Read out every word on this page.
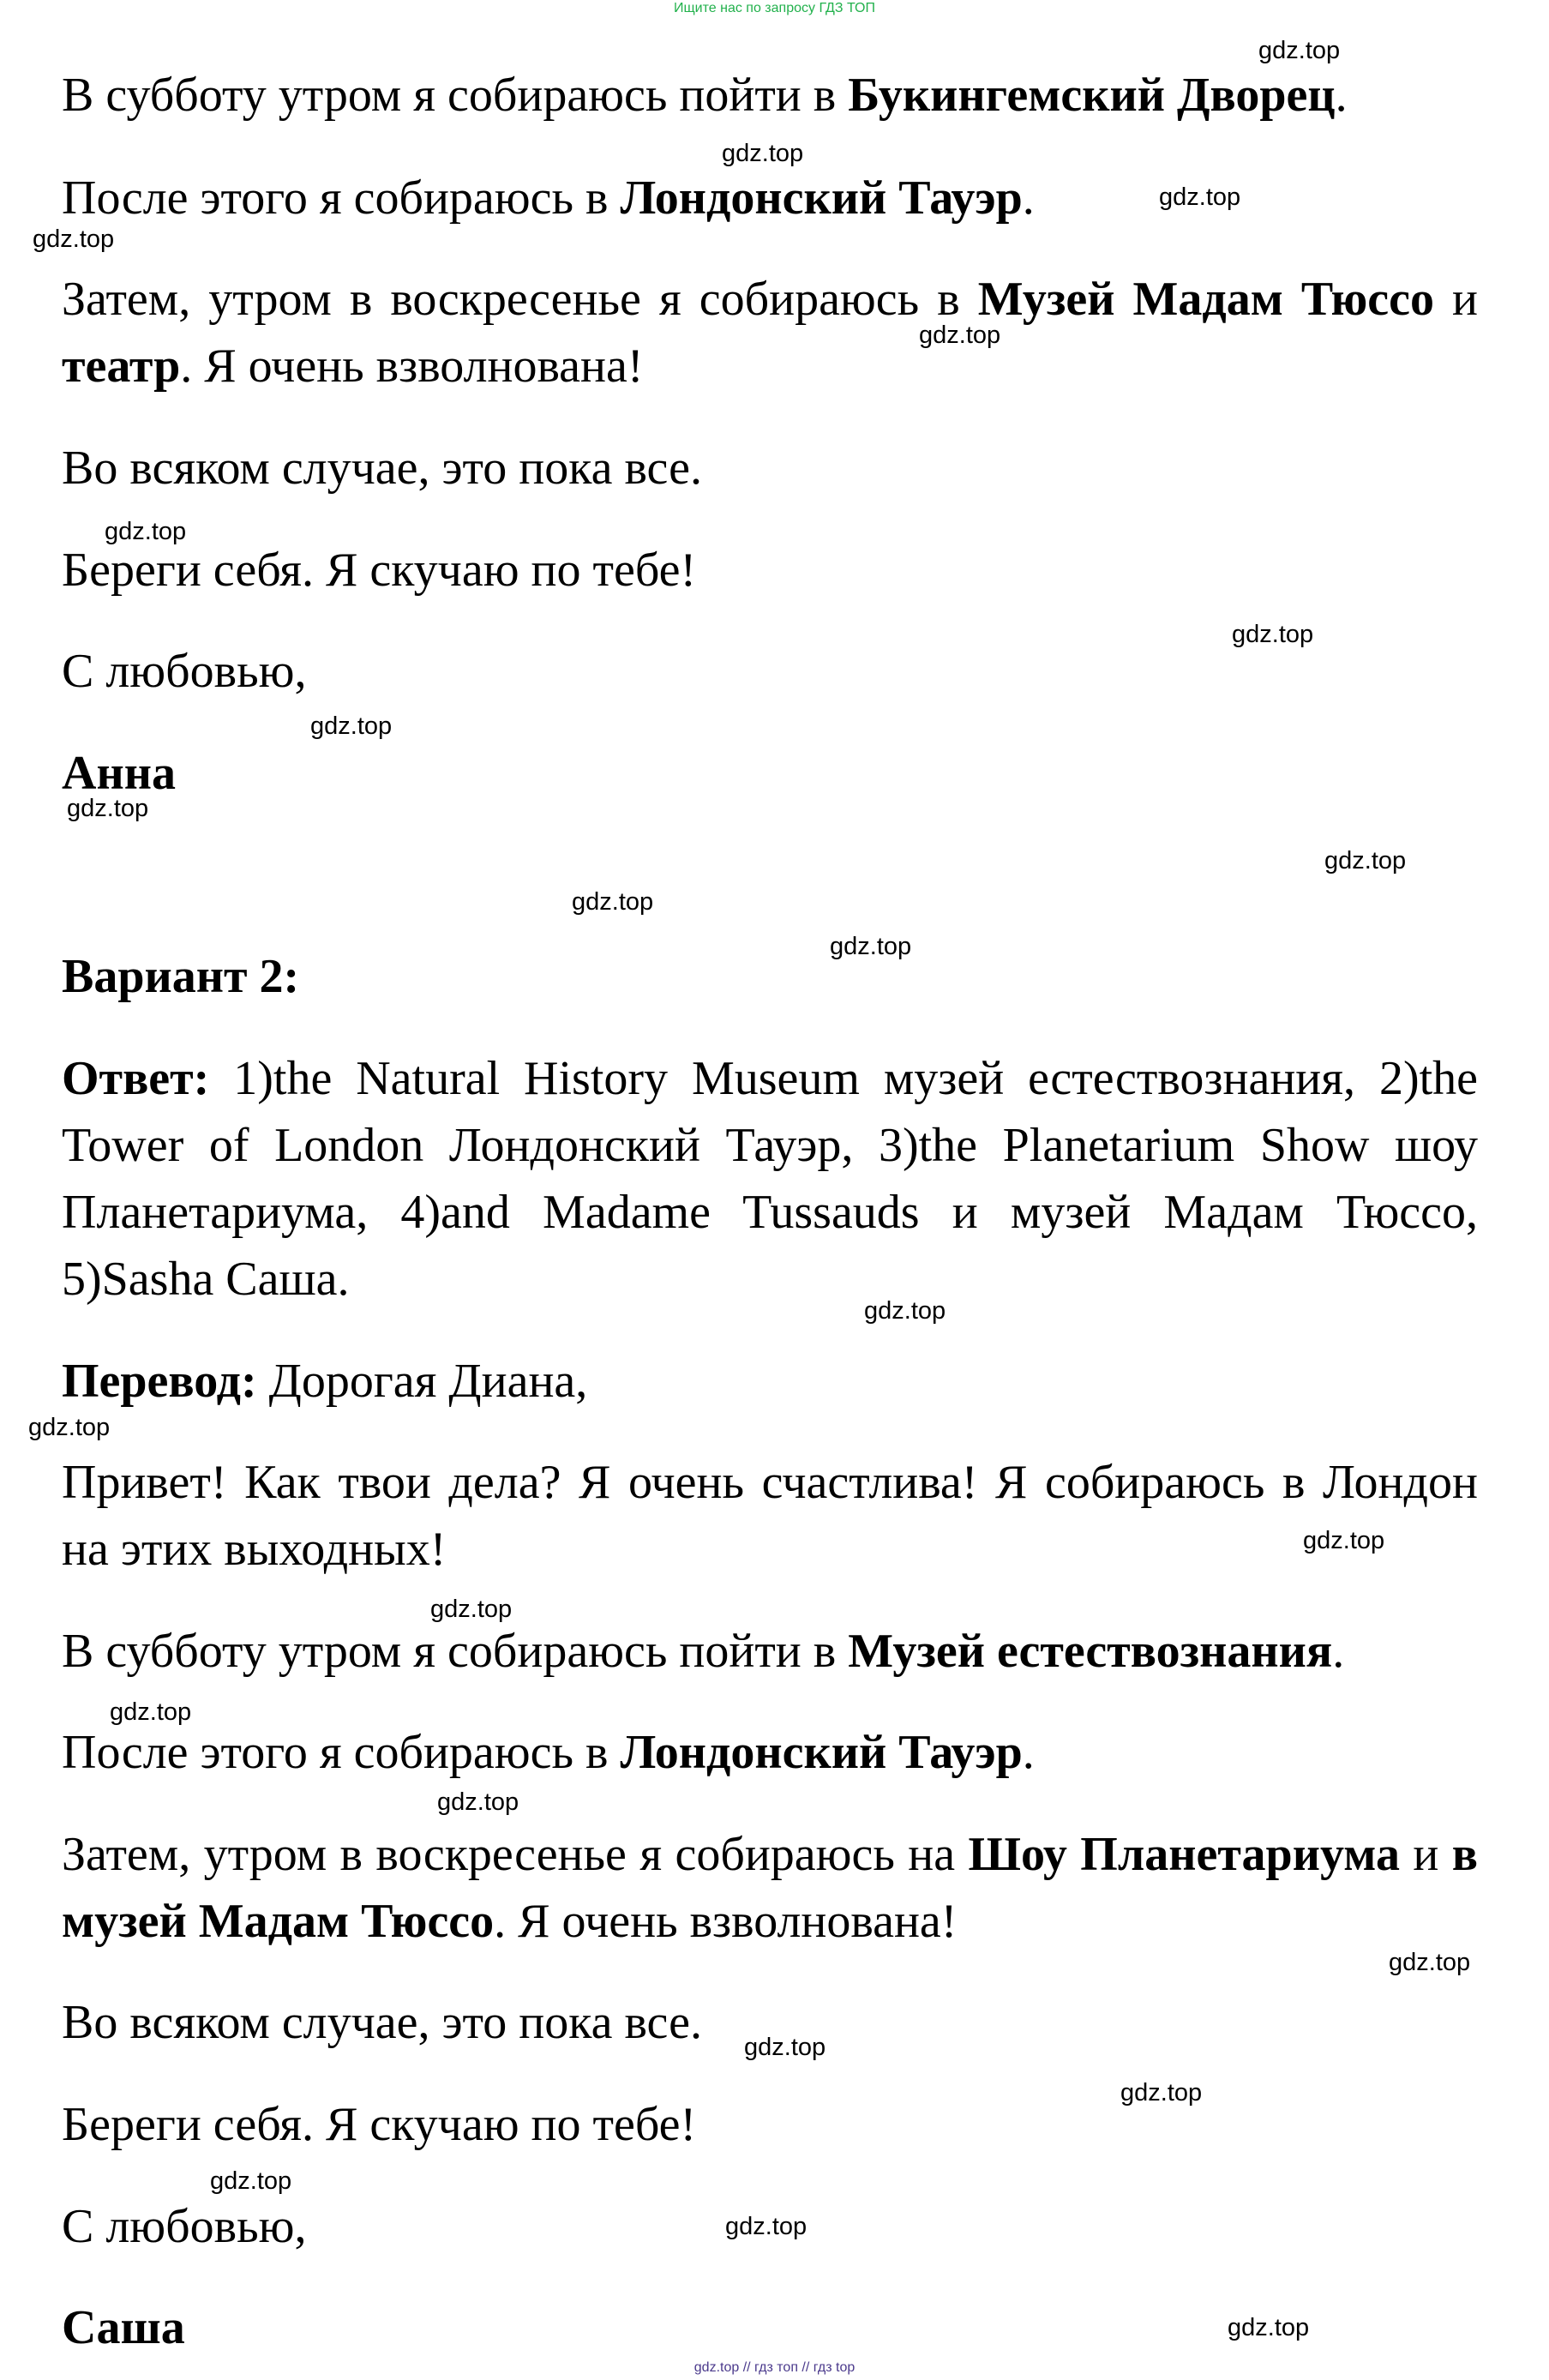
Ищите нас по запросу ГДЗ ТОП

В субботу утром я собираюсь пойти в Букингемский Дворец.

После этого я собираюсь в Лондонский Тауэр.

Затем, утром в воскресенье я собираюсь в Музей Мадам Тюссо и театр. Я очень взволнована!

Во всяком случае, это пока все.

Береги себя. Я скучаю по тебе!

С любовью,

Анна

Вариант 2:

Ответ: 1)the Natural History Museum музей естествознания, 2)the Tower of London Лондонский Тауэр, 3)the Planetarium Show шоу Планетариума, 4)and Madame Tussauds и музей Мадам Тюссо, 5)Sasha Саша.

Перевод: Дорогая Диана,

Привет! Как твои дела? Я очень счастлива! Я собираюсь в Лондон на этих выходных!

В субботу утром я собираюсь пойти в Музей естествознания.

После этого я собираюсь в Лондонский Тауэр.

Затем, утром в воскресенье я собираюсь на Шоу Планетариума и в музей Мадам Тюссо. Я очень взволнована!

Во всяком случае, это пока все.

Береги себя. Я скучаю по тебе!

С любовью,

Саша

gdz.top
gdz.top
gdz.top
gdz.top
gdz.top
gdz.top
gdz.top
gdz.top
gdz.top
gdz.top
gdz.top
gdz.top
gdz.top
gdz.top
gdz.top
gdz.top
gdz.top
gdz.top
gdz.top
gdz.top
gdz.top
gdz.top
gdz.top
gdz.top
gdz.top // гдз топ // гдз top
